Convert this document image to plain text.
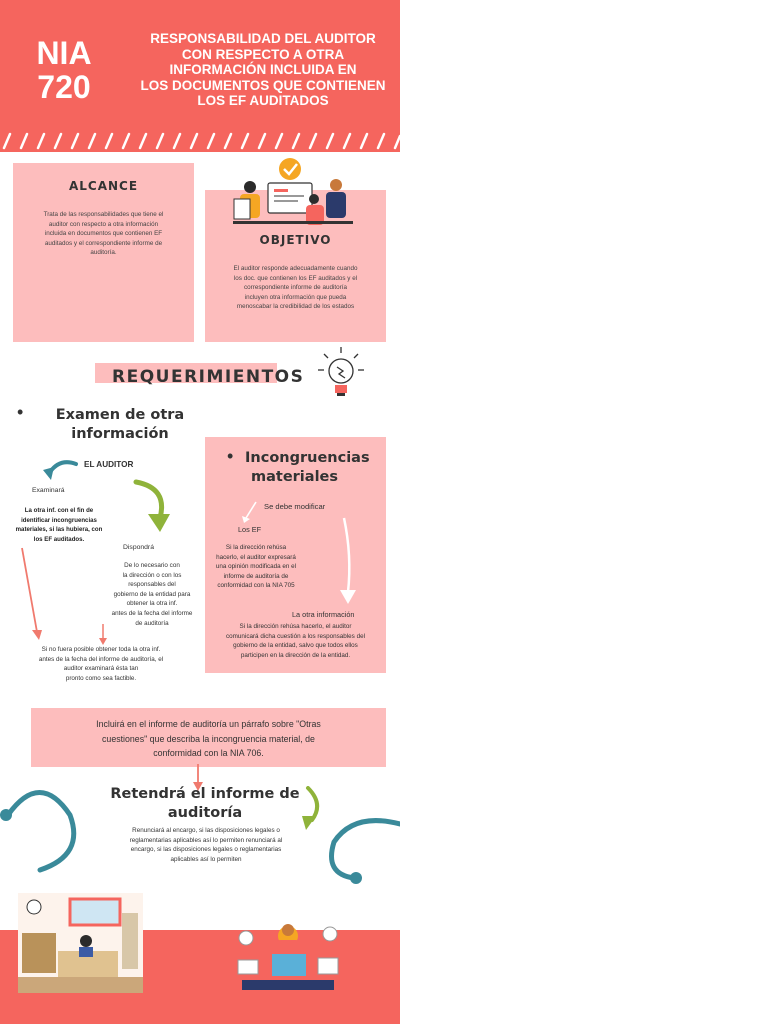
NIA
720
RESPONSABILIDAD DEL AUDITOR
CON RESPECTO A OTRA
INFORMACIÓN INCLUIDA EN
LOS DOCUMENTOS QUE CONTIENEN
LOS EF AUDITADOS
ALCANCE
Trata de las responsabilidades que tiene el
auditor con respecto a otra información
incluida en documentos que contienen EF
auditados y el correspondiente informe de
auditoría.
OBJETIVO
El auditor responde adecuadamente cuando
los doc. que contienen los EF auditados y el
correspondiente informe de auditoría
incluyen otra información que pueda
menoscabar la credibilidad de los estados
REQUERIMIENTOS
•	Examen de otra
información
EL AUDITOR
Examinará
La otra inf. con el fin de
identificar incongruencias
materiales, si las hubiera, con
los EF auditados.
Dispondrá
De lo necesario con
la dirección o con los
responsables del
gobierno de la entidad para
obtener la otra inf.
antes de la fecha del informe
de auditoría
Si no fuera posible obtener toda la otra inf.
antes de la fecha del informe de auditoría, el
auditor examinará ésta tan
pronto como sea factible.
• Incongruencias
materiales
Se debe modificar
Los EF
Si la dirección rehúsa
hacerlo, el auditor expresará
una opinión modificada en el
informe de auditoría de
conformidad con la NIA 705
La otra información
Si la dirección rehúsa hacerlo, el auditor
comunicará dicha cuestión a los responsables del
gobierno de la entidad, salvo que todos ellos
participen en la dirección de la entidad.
Incluirá en el informe de auditoría un párrafo sobre "Otras
cuestiones" que describa la incongruencia material, de
conformidad con la NIA 706.
Retendrá el informe de
auditoría
Renunciará al encargo, si las disposiciones legales o
reglamentarias aplicables así lo permiten renunciará al
encargo, si las disposiciones legales o reglamentarias
aplicables así lo permiten
